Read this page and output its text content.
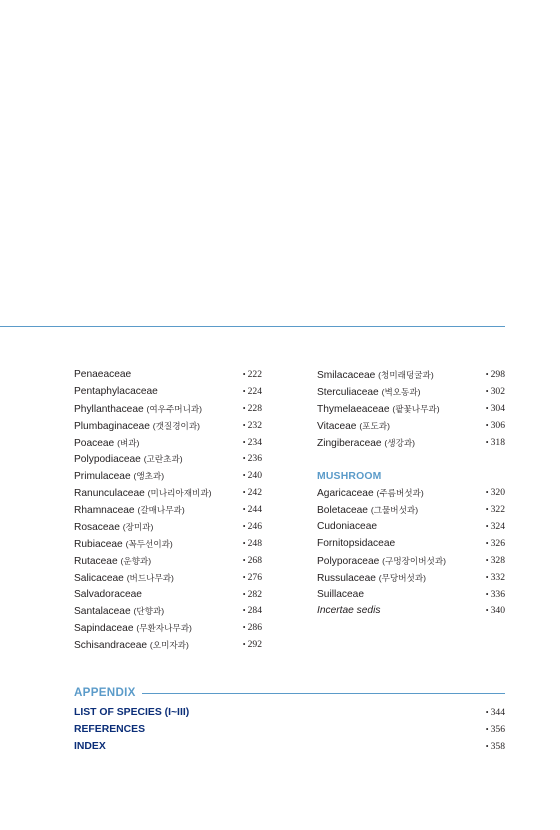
Penaeaceae	• 222
Pentaphylacaceae	• 224
Phyllanthaceae (여우주머니과)	• 228
Plumbaginaceae (갯질경이과)	• 232
Poaceae (벼과)	• 234
Polypodiaceae (고란초과)	• 236
Primulaceae (앵초과)	• 240
Ranunculaceae (미나리아재비과)	• 242
Rhamnaceae (갈매나무과)	• 244
Rosaceae (장미과)	• 246
Rubiaceae (꼭두선이과)	• 248
Rutaceae (운향과)	• 268
Salicaceae (버드나무과)	• 276
Salvadoraceae	• 282
Santalaceae (단향과)	• 284
Sapindaceae (무환자나무과)	• 286
Schisandraceae (오미자과)	• 292
Smilacaceae (청미래덩굴과)	• 298
Sterculiaceae (벽오동과)	• 302
Thymelaeaceae (팥꽃나무과)	• 304
Vitaceae (포도과)	• 306
Zingiberaceae (생강과)	• 318
MUSHROOM
Agaricaceae (주름버섯과)	• 320
Boletaceae (그물버섯과)	• 322
Cudoniaceae	• 324
Fornitopsidaceae	• 326
Polyporaceae (구멍장이버섯과)	• 328
Russulaceae (무당버섯과)	• 332
Suillaceae	• 336
Incertae sedis	• 340
APPENDIX
LIST OF SPECIES (I~III)	• 344
REFERENCES	• 356
INDEX	• 358
